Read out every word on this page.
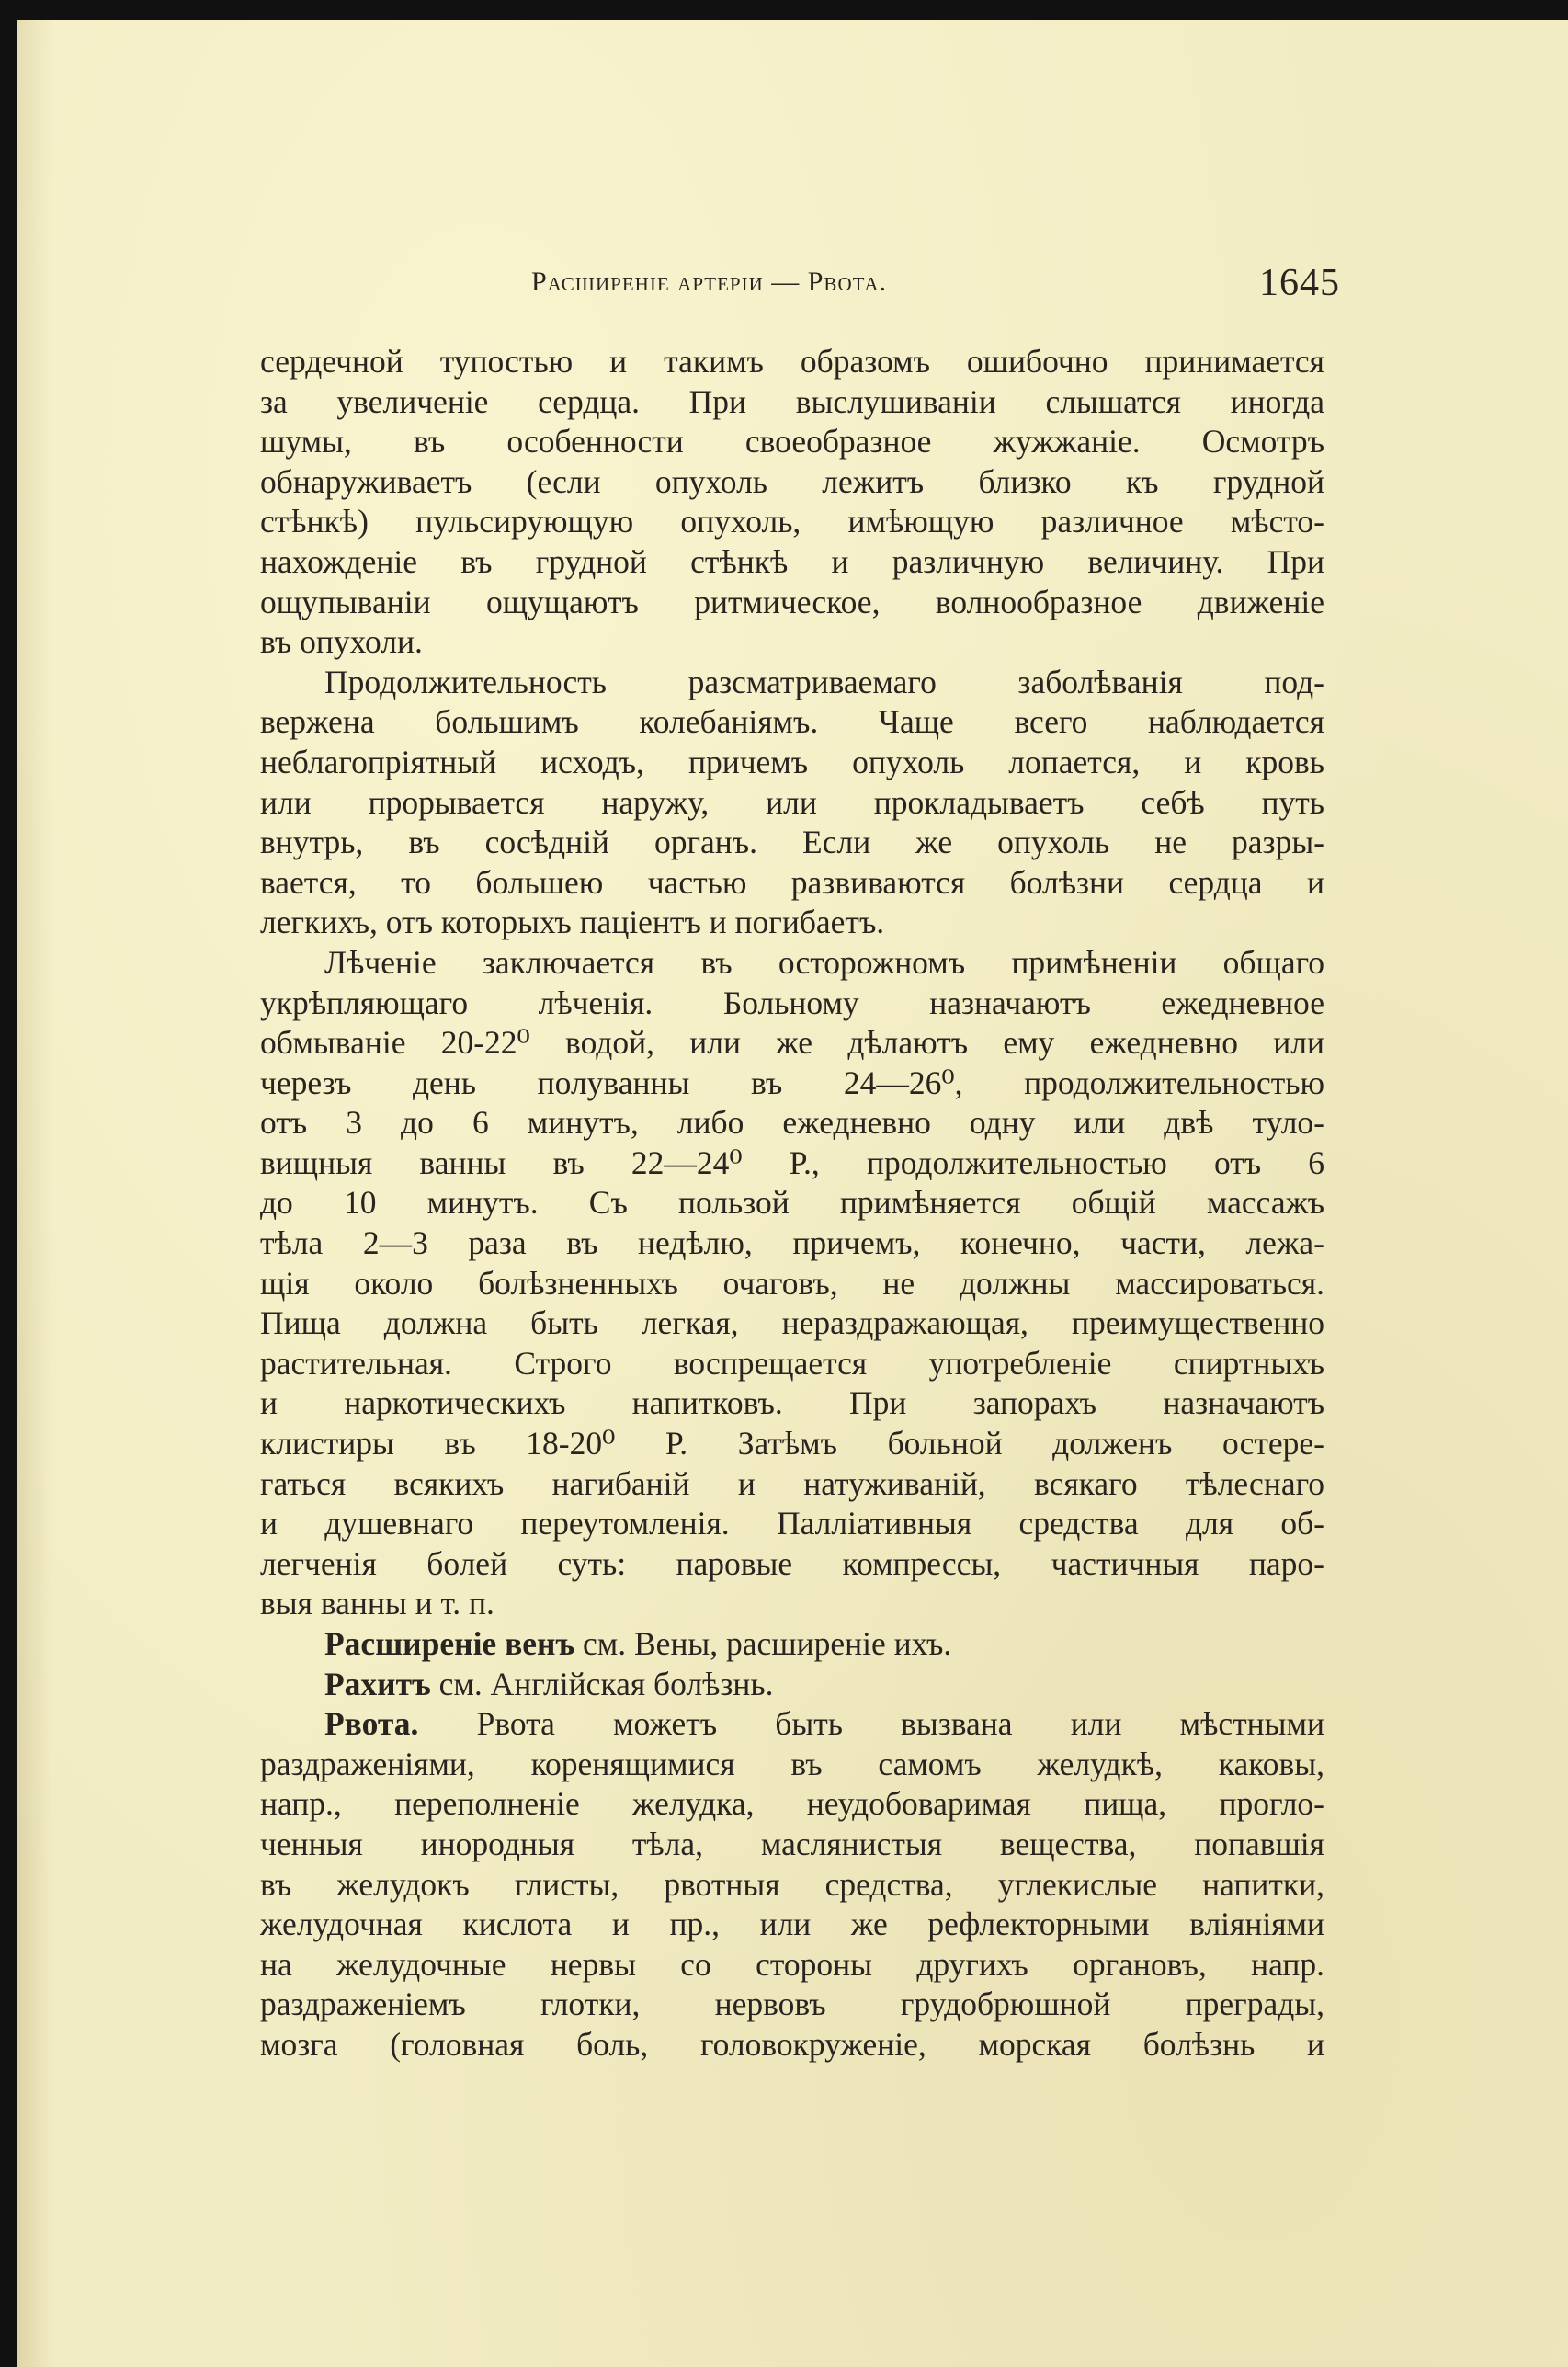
Расширеніе артеріи — Рвота.	1645
сердечной тупостью и такимъ образомъ ошибочно принимается
за увеличеніе сердца. При выслушиваніи слышатся иногда
шумы, въ особенности своеобразное жужжаніе. Осмотръ
обнаруживаетъ (если опухоль лежитъ близко къ грудной
стѣнкѣ) пульсирующую опухоль, имѣющую различное мѣсто-
нахожденіе въ грудной стѣнкѣ и различную величину. При
ощупываніи ощущаютъ ритмическое, волнообразное движеніе
въ опухоли.
Продолжительность разсматриваемаго заболѣванія под-
вержена большимъ колебаніямъ. Чаще всего наблюдается
неблагопріятный исходъ, причемъ опухоль лопается, и кровь
или прорывается наружу, или прокладываетъ себѣ путь
внутрь, въ сосѣдній органъ. Если же опухоль не разры-
вается, то большею частью развиваются болѣзни сердца и
легкихъ, отъ которыхъ паціентъ и погибаетъ.
Лѣченіе заключается въ осторожномъ примѣненіи общаго
укрѣпляющаго лѣченія. Больному назначаютъ ежедневное
обмываніе 20-22⁰ водой, или же дѣлаютъ ему ежедневно или
черезъ день полуванны въ 24—26⁰, продолжительностью
отъ 3 до 6 минутъ, либо ежедневно одну или двѣ туло-
вищныя ванны въ 22—24⁰ Р., продолжительностью отъ 6
до 10 минутъ. Съ пользой примѣняется общій массажъ
тѣла 2—3 раза въ недѣлю, причемъ, конечно, части, лежа-
щія около болѣзненныхъ очаговъ, не должны массироваться.
Пища должна быть легкая, нераздражающая, преимущественно
растительная. Строго воспрещается употребленіе спиртныхъ
и наркотическихъ напитковъ. При запорахъ назначаютъ
клистиры въ 18-20⁰ Р. Затѣмъ больной долженъ остере-
гаться всякихъ нагибаній и натуживаній, всякаго тѣлеснаго
и душевнаго переутомленія. Палліативныя средства для об-
легченія болей суть: паровые компрессы, частичныя паро-
выя ванны и т. п.
Расширеніе венъ см. Вены, расширеніе ихъ.
Рахитъ см. Англійская болѣзнь.
Рвота. Рвота можетъ быть вызвана или мѣстными
раздраженіями, коренящимися въ самомъ желудкѣ, каковы,
напр., переполненіе желудка, неудобоваримая пища, прогло-
ченныя инородныя тѣла, маслянистыя вещества, попавшія
въ желудокъ глисты, рвотныя средства, углекислые напитки,
желудочная кислота и пр., или же рефлекторными вліяніями
на желудочные нервы со стороны другихъ органовъ, напр.
раздраженіемъ глотки, нервовъ грудобрюшной преграды,
мозга (головная боль, головокруженіе, морская болѣзнь и
